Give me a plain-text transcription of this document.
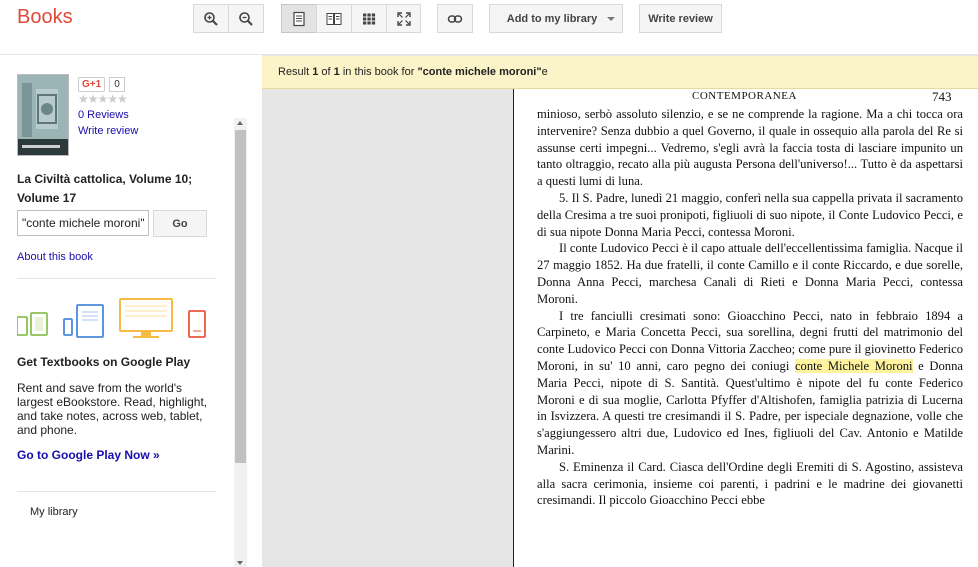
Books	Add to my library	Write review
G+1	0
★★★★★
0 Reviews
Write review
La Civiltà cattolica, Volume 10; Volume 17
"conte michele moroni"
Go
About this book
Get Textbooks on Google Play
Rent and save from the world's largest eBookstore. Read, highlight, and take notes, across web, tablet, and phone.
Go to Google Play Now »
My library
Result 1 of 1 in this book for "conte michele moroni"e
CONTEMPORANEA	743

minioso, serbò assoluto silenzio, e se ne comprende la ragione. Ma a chi tocca ora intervenire? Senza dubbio a quel Governo, il quale in ossequio alla parola del Re si assunse certi impegni... Vedremo, s'egli avrà la faccia tosta di lasciare impunito un tanto oltraggio, recato alla più augusta Persona dell'universo!... Tutto è da aspettarsi a questi lumi di luna.

5. Il S. Padre, lunedì 21 maggio, conferì nella sua cappella privata il sacramento della Cresima a tre suoi pronipoti, figliuoli di suo nipote, il Conte Ludovico Pecci, e di sua nipote Donna Maria Pecci, contessa Moroni.

Il conte Ludovico Pecci è il capo attuale dell'eccellentissima famiglia. Nacque il 27 maggio 1852. Ha due fratelli, il conte Camillo e il conte Riccardo, e due sorelle, Donna Anna Pecci, marchesa Canali di Rieti e Donna Maria Pecci, contessa Moroni.

I tre fanciulli cresimati sono: Gioacchino Pecci, nato in febbraio 1894 a Carpineto, e Maria Concetta Pecci, sua sorellina, degni frutti del matrimonio del conte Ludovico Pecci con Donna Vittoria Zaccheo; come pure il giovinetto Federico Moroni, in su' 10 anni, caro pegno dei coniugi conte Michele Moroni e Donna Maria Pecci, nipote di S. Santità. Quest'ultimo è nipote del fu conte Federico Moroni e di sua moglie, Carlotta Pfyffer d'Altishofen, famiglia patrizia di Lucerna in Isvizzera. A questi tre cresimandi il S. Padre, per ispeciale degnazione, volle che s'aggiungessero altri due, Ludovico ed Ines, figliuoli del Cav. Antonio e Matilde Marini.

S. Eminenza il Card. Ciasca dell'Ordine degli Eremiti di S. Agostino, assisteva alla sacra cerimonia, insieme coi parenti, i padrini e le madrine dei giovanetti cresimandi. Il piccolo Gioacchino Pecci ebbe
